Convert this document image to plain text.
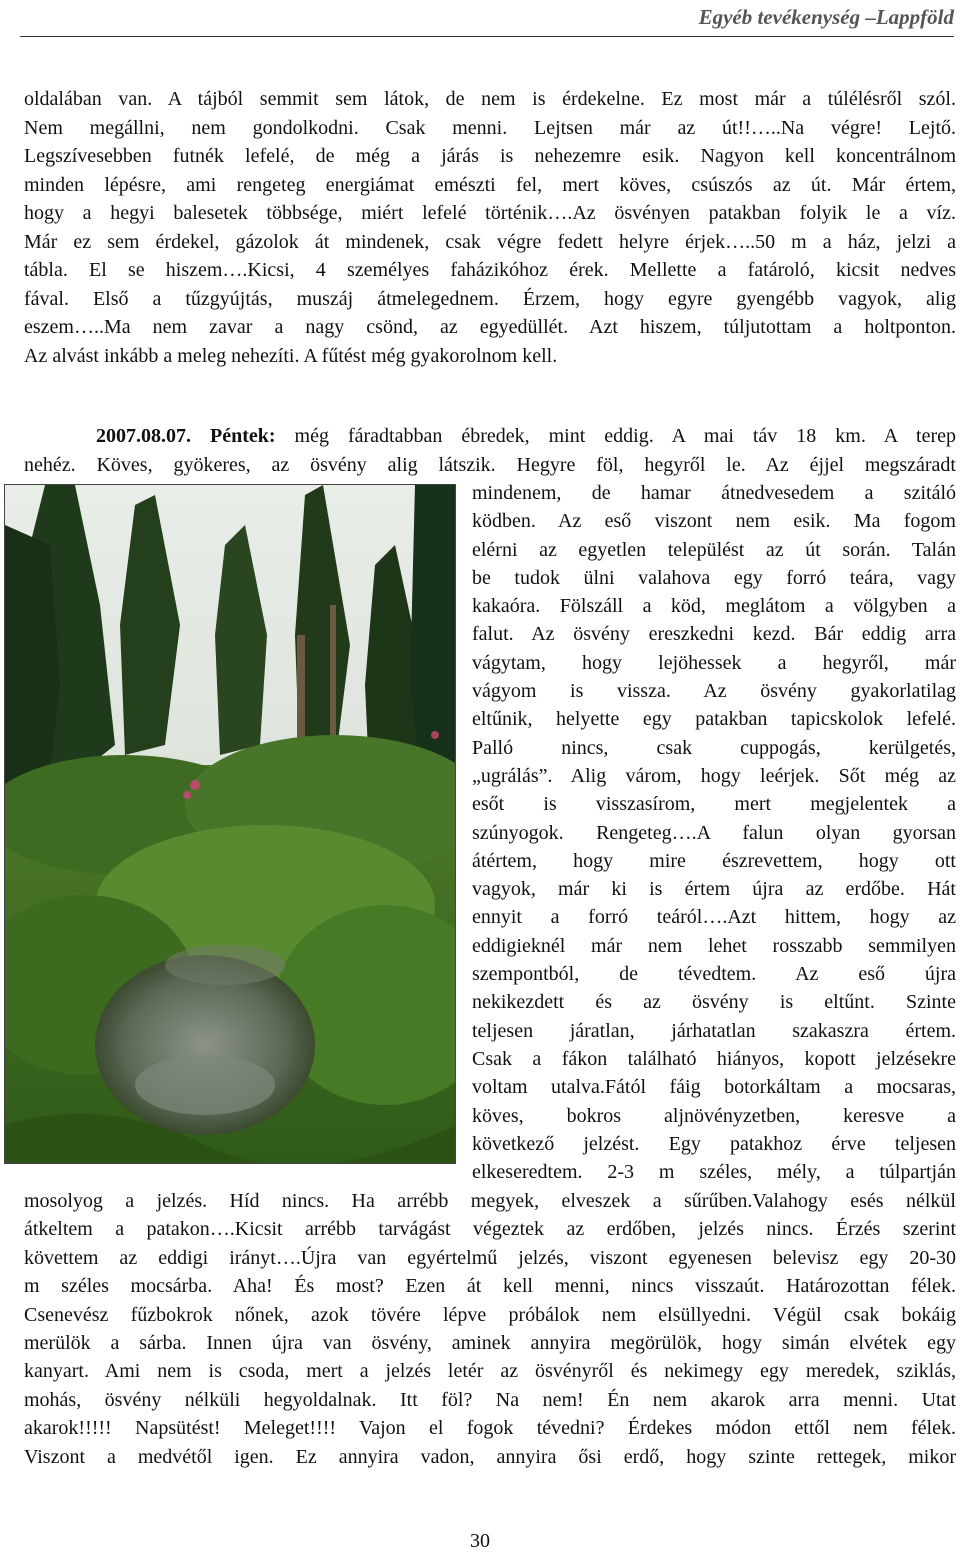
Egyéb tevékenység –Lappföld
oldalában van. A tájból semmit sem látok, de nem is érdekelne. Ez most már a túlélésről szól.
Nem megállni, nem gondolkodni. Csak menni. Lejtsen már az út!!…..Na végre! Lejtő.
Legszívesebben futnék lefelé, de még a járás is nehezemre esik. Nagyon kell koncentrálnom
minden lépésre, ami rengeteg energiámat emészti fel, mert köves, csúszós az út. Már értem,
hogy a hegyi balesetek többsége, miért lefelé történik….Az ösvényen patakban folyik le a víz.
Már ez sem érdekel, gázolok át mindenek, csak végre fedett helyre érjek…..50 m a ház, jelzi a
tábla. El se hiszem….Kicsi, 4 személyes faházikóhoz érek. Mellette a fatároló, kicsit nedves
fával. Első a tűzgyújtás, muszáj átmelegednem. Érzem, hogy egyre gyengébb vagyok, alig
eszem…..Ma nem zavar a nagy csönd, az egyedüllét. Azt hiszem, túljutottam a holtponton.
Az alvást inkább a meleg nehezíti. A fűtést még gyakorolnom kell.
2007.08.07. Péntek: még fáradtabban ébredek, mint eddig. A mai táv 18 km. A terep
nehéz. Köves, gyökeres, az ösvény alig látszik. Hegyre föl, hegyről le. Az éjjel megszáradt
mindenem, de hamar átnedvesedem a szitáló
ködben. Az eső viszont nem esik. Ma fogom
elérni az egyetlen települést az út során. Talán
be tudok ülni valahova egy forró teára, vagy
kakaóra. Fölszáll a köd, meglátom a völgyben a
falut. Az ösvény ereszkedni kezd. Bár eddig arra
vágytam, hogy lejöhessek a hegyről, már
vágyom is vissza. Az ösvény gyakorlatilag
eltűnik, helyette egy patakban tapicskolok lefelé.
Palló nincs, csak cuppogás, kerülgetés,
„ugrálás”. Alig várom, hogy leérjek. Sőt még az
esőt is visszasírom, mert megjelentek a
szúnyogok. Rengeteg….A falun olyan gyorsan
átértem, hogy mire észrevettem, hogy ott
vagyok, már ki is értem újra az erdőbe. Hát
ennyit a forró teáról….Azt hittem, hogy az
eddigieknél már nem lehet rosszabb semmilyen
szempontból, de tévedtem. Az eső újra
nekikezdett és az ösvény is eltűnt. Szinte
teljesen járatlan, járhatatlan szakaszra értem.
Csak a fákon található hiányos, kopott jelzésekre
voltam utalva.Fától fáig botorkáltam a mocsaras,
köves, bokros aljnövényzetben, keresve a
következő jelzést. Egy patakhoz érve teljesen
elkeseredtem. 2-3 m széles, mély, a túlpartján
mosolyog a jelzés. Híd nincs. Ha arrébb megyek, elveszek a sűrűben.Valahogy esés nélkül
átkeltem a patakon….Kicsit arrébb tarvágást végeztek az erdőben, jelzés nincs. Érzés szerint
követtem az eddigi irányt….Újra van egyértelmű jelzés, viszont egyenesen belevisz egy 20-30
m széles mocsárba. Aha! És most? Ezen át kell menni, nincs visszaút. Határozottan félek.
Csenevész fűzbokrok nőnek, azok tövére lépve próbálok nem elsüllyedni. Végül csak bokáig
merülök a sárba. Innen újra van ösvény, aminek annyira megörülök, hogy simán elvétek egy
kanyart. Ami nem is csoda, mert a jelzés letér az ösvényről és nekimegy egy meredek, sziklás,
mohás, ösvény nélküli hegyoldalnak. Itt föl? Na nem! Én nem akarok arra menni. Utat
akarok!!!!! Napsütést! Meleget!!!! Vajon el fogok tévedni? Érdekes módon ettől nem félek.
Viszont a medvétől igen. Ez annyira vadon, annyira ősi erdő, hogy szinte rettegek, mikor
30
